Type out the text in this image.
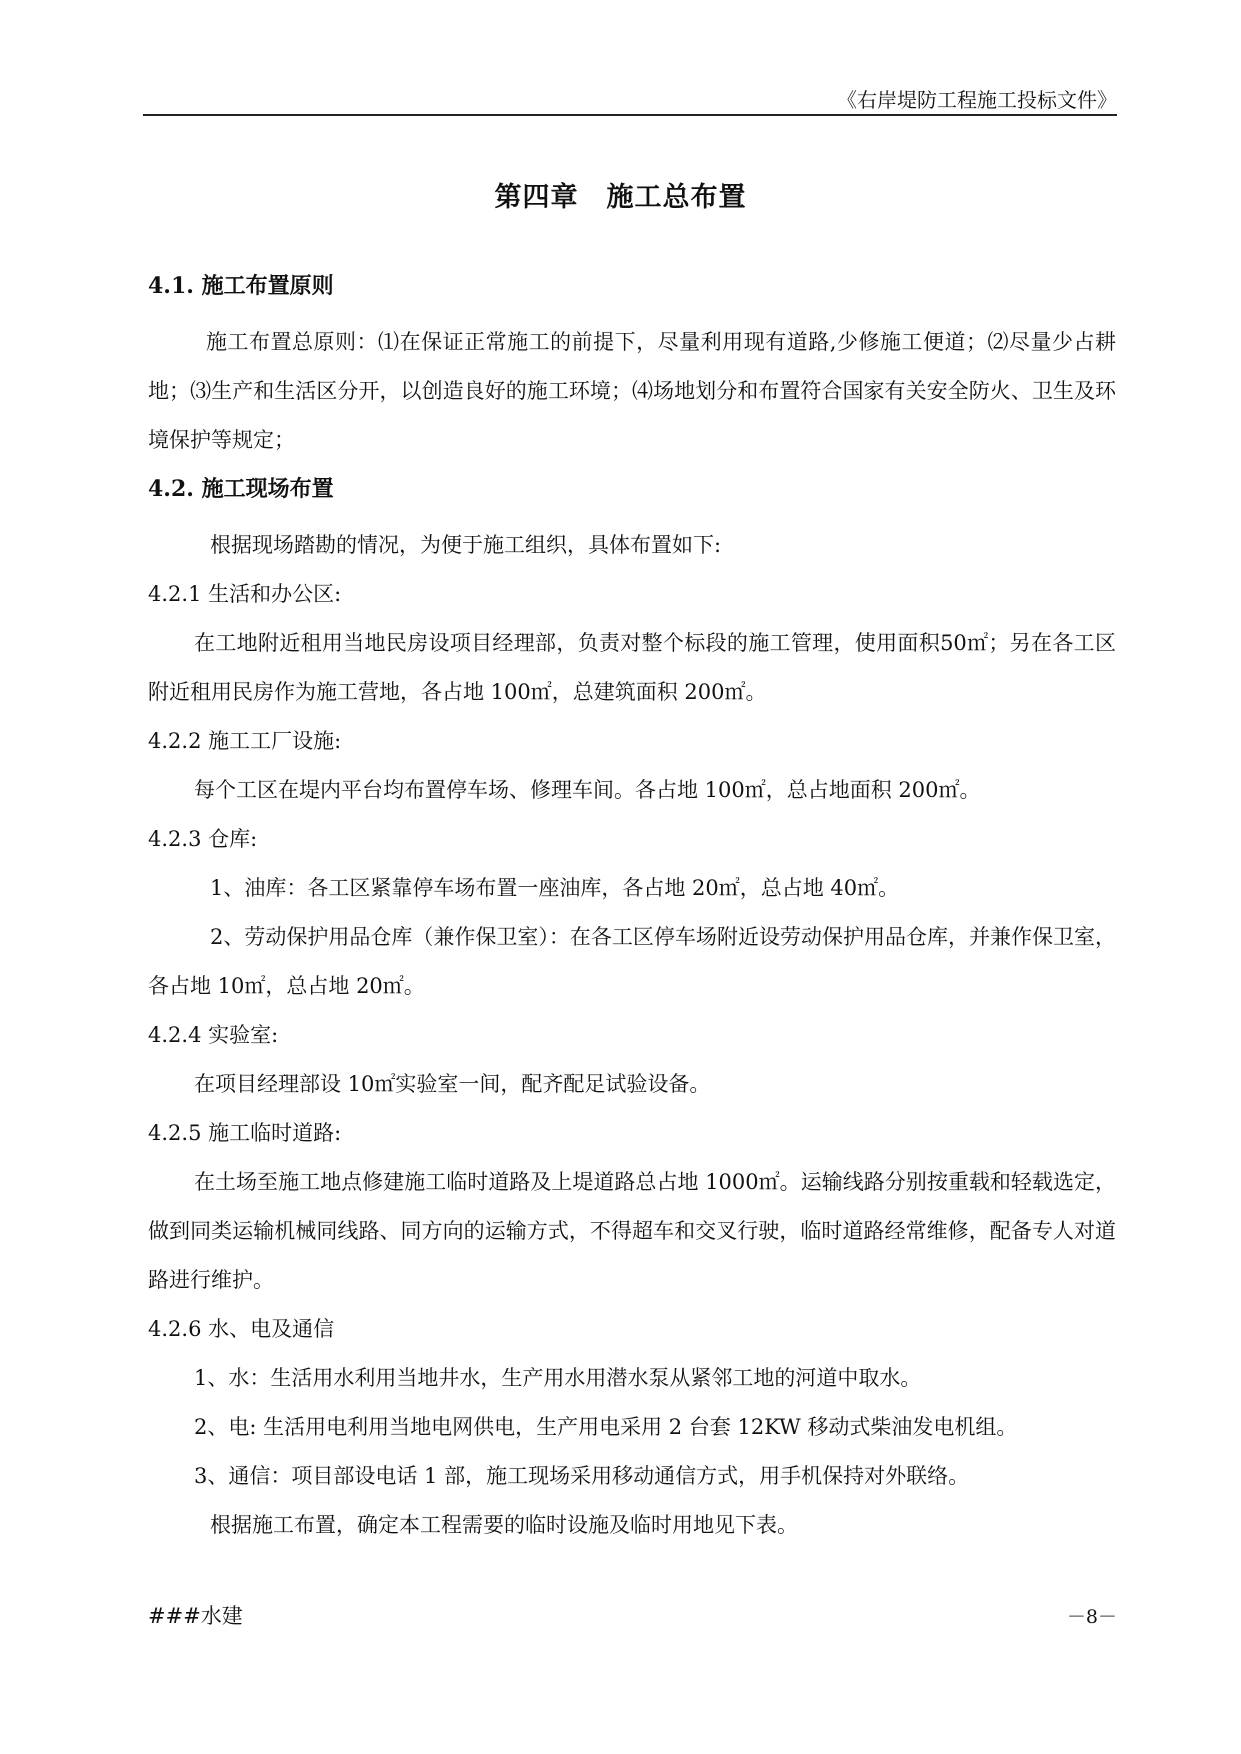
《右岸堤防工程施工投标文件》
第四章　施工总布置

4.1. 施工布置原则

施工布置总原则：⑴在保证正常施工的前提下，尽量利用现有道路,少修施工便道；⑵尽量少占耕地；⑶生产和生活区分开，以创造良好的施工环境；⑷场地划分和布置符合国家有关安全防火、卫生及环境保护等规定；

4.2. 施工现场布置

根据现场踏勘的情况，为便于施工组织，具体布置如下:

4.2.1 生活和办公区:

在工地附近租用当地民房设项目经理部，负责对整个标段的施工管理，使用面积50㎡；另在各工区附近租用民房作为施工营地，各占地 100㎡，总建筑面积 200㎡。

4.2.2 施工工厂设施:

每个工区在堤内平台均布置停车场、修理车间。各占地 100㎡，总占地面积 200㎡。

4.2.3 仓库:

1、油库：各工区紧靠停车场布置一座油库，各占地 20㎡，总占地 40㎡。

2、劳动保护用品仓库（兼作保卫室）：在各工区停车场附近设劳动保护用品仓库，并兼作保卫室，各占地 10㎡，总占地 20㎡。

4.2.4 实验室:

在项目经理部设 10㎡实验室一间，配齐配足试验设备。

4.2.5 施工临时道路:

在土场至施工地点修建施工临时道路及上堤道路总占地 1000㎡。运输线路分别按重载和轻载选定，做到同类运输机械同线路、同方向的运输方式，不得超车和交叉行驶，临时道路经常维修，配备专人对道路进行维护。

4.2.6 水、电及通信

1、水：生活用水利用当地井水，生产用水用潜水泵从紧邻工地的河道中取水。

2、电: 生活用电利用当地电网供电，生产用电采用 2 台套 12KW 移动式柴油发电机组。

3、通信：项目部设电话 1 部，施工现场采用移动通信方式，用手机保持对外联络。

根据施工布置，确定本工程需要的临时设施及临时用地见下表。

###水建	－8－
